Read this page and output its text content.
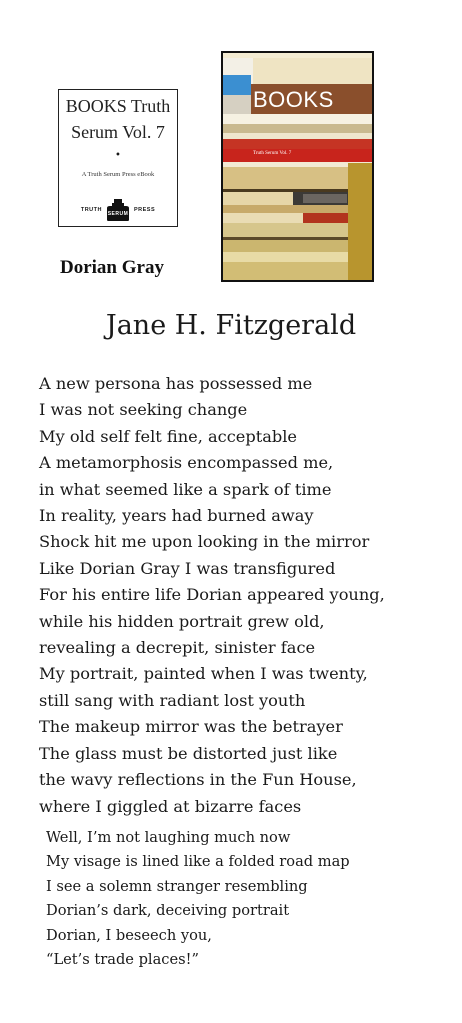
BOOKS Truth
Serum Vol. 7
•
A Truth Serum Press eBook
TRUTH
SERUM
PRESS
BOOKS
Truth Serum Vol. 7
Dorian Gray
Jane H. Fitzgerald
A new persona has possessed me
I was not seeking change
My old self felt fine, acceptable
A metamorphosis encompassed me,
in what seemed like a spark of time
In reality, years had burned away
Shock hit me upon looking in the mirror
Like Dorian Gray I was transfigured
For his entire life Dorian appeared young,
while his hidden portrait grew old,
revealing a decrepit, sinister face
My portrait, painted when I was twenty,
still sang with radiant lost youth
The makeup mirror was the betrayer
The glass must be distorted just like
the wavy reflections in the Fun House,
where I giggled at bizarre faces
Well, I’m not laughing much now
My visage is lined like a folded road map
I see a solemn stranger resembling
Dorian’s dark, deceiving portrait
Dorian, I beseech you,
“Let’s trade places!”
